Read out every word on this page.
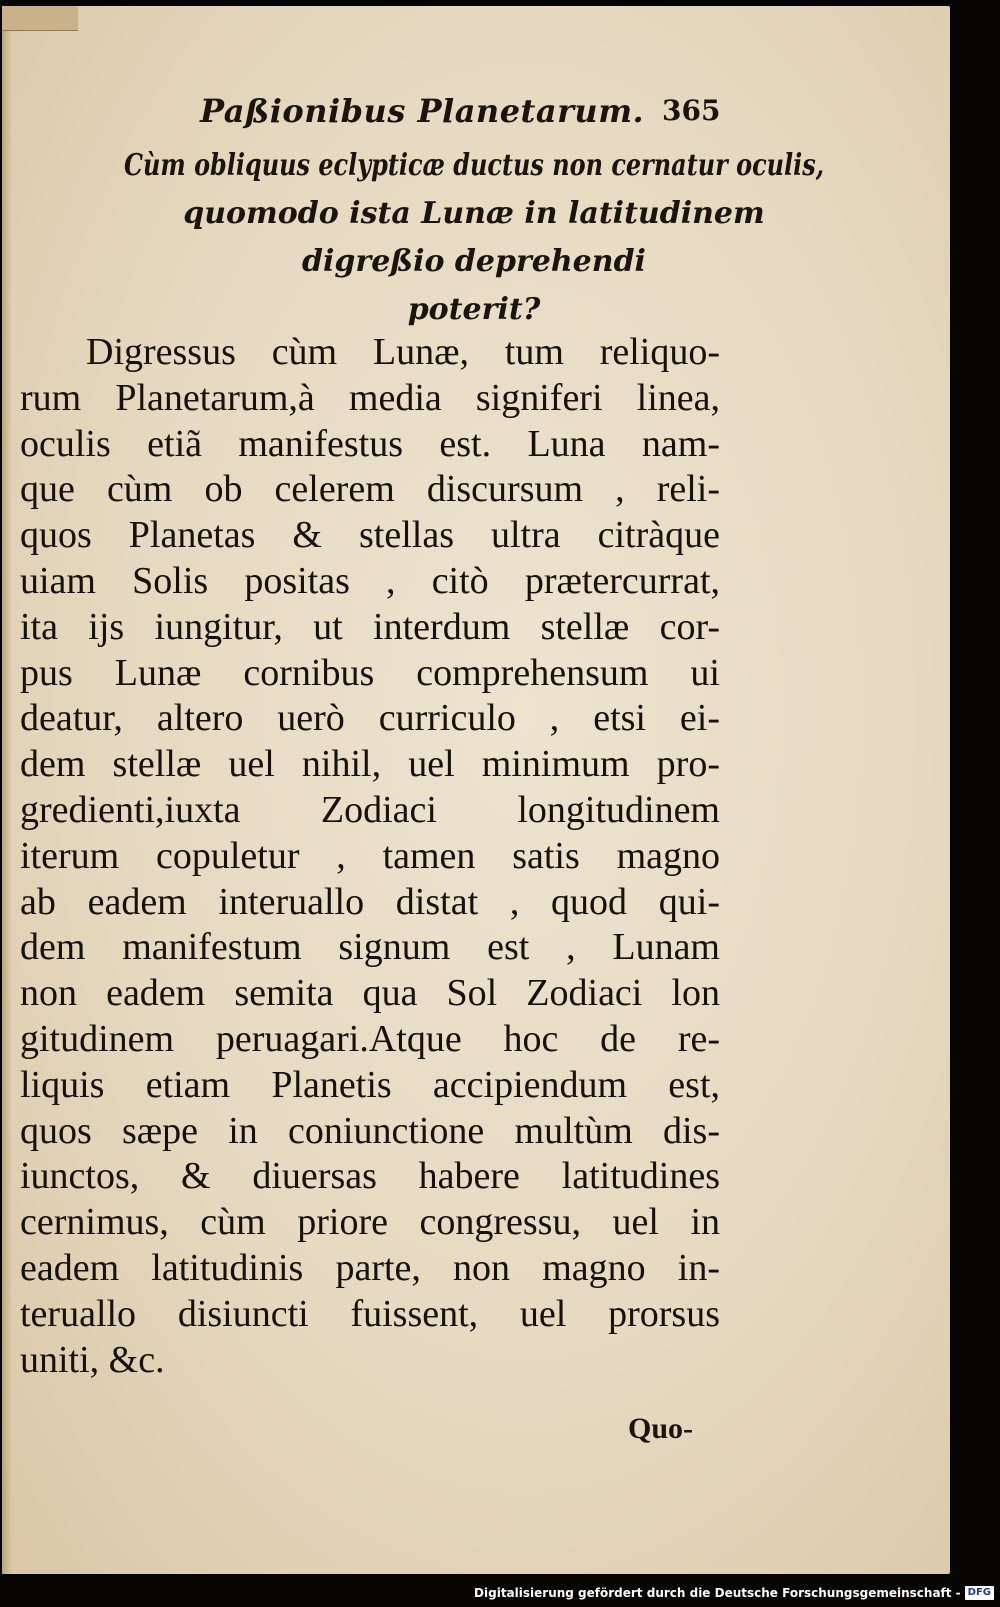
Paßionibus Planetarum. 365
Cùm obliquus eclypticæ ductus non cernatur oculis,
quomodo ista Lunæ in latitudinem
digreßio deprehendi
poterit?
Digressus cùm Lunæ, tum reliquo-
rum Planetarum,à media signiferi linea,
oculis etiã manifestus est. Luna nam-
que cùm ob celerem discursum , reli-
quos Planetas & stellas ultra citràque
uiam Solis positas , citò prætercurrat,
ita ijs iungitur, ut interdum stellæ cor-
pus Lunæ cornibus comprehensum ui
deatur, altero uerò curriculo , etsi ei-
dem stellæ uel nihil, uel minimum pro-
gredienti,iuxta Zodiaci longitudinem
iterum copuletur , tamen satis magno
ab eadem interuallo distat , quod qui-
dem manifestum signum est , Lunam
non eadem semita qua Sol Zodiaci lon
gitudinem peruagari.Atque hoc de re-
liquis etiam Planetis accipiendum est,
quos sæpe in coniunctione multùm dis-
iunctos, & diuersas habere latitudines
cernimus, cùm priore congressu, uel in
eadem latitudinis parte, non magno in-
teruallo disiuncti fuissent, uel prorsus
uniti, &c.
Quo-
Digitalisierung gefördert durch die Deutsche Forschungsgemeinschaft - DFG
